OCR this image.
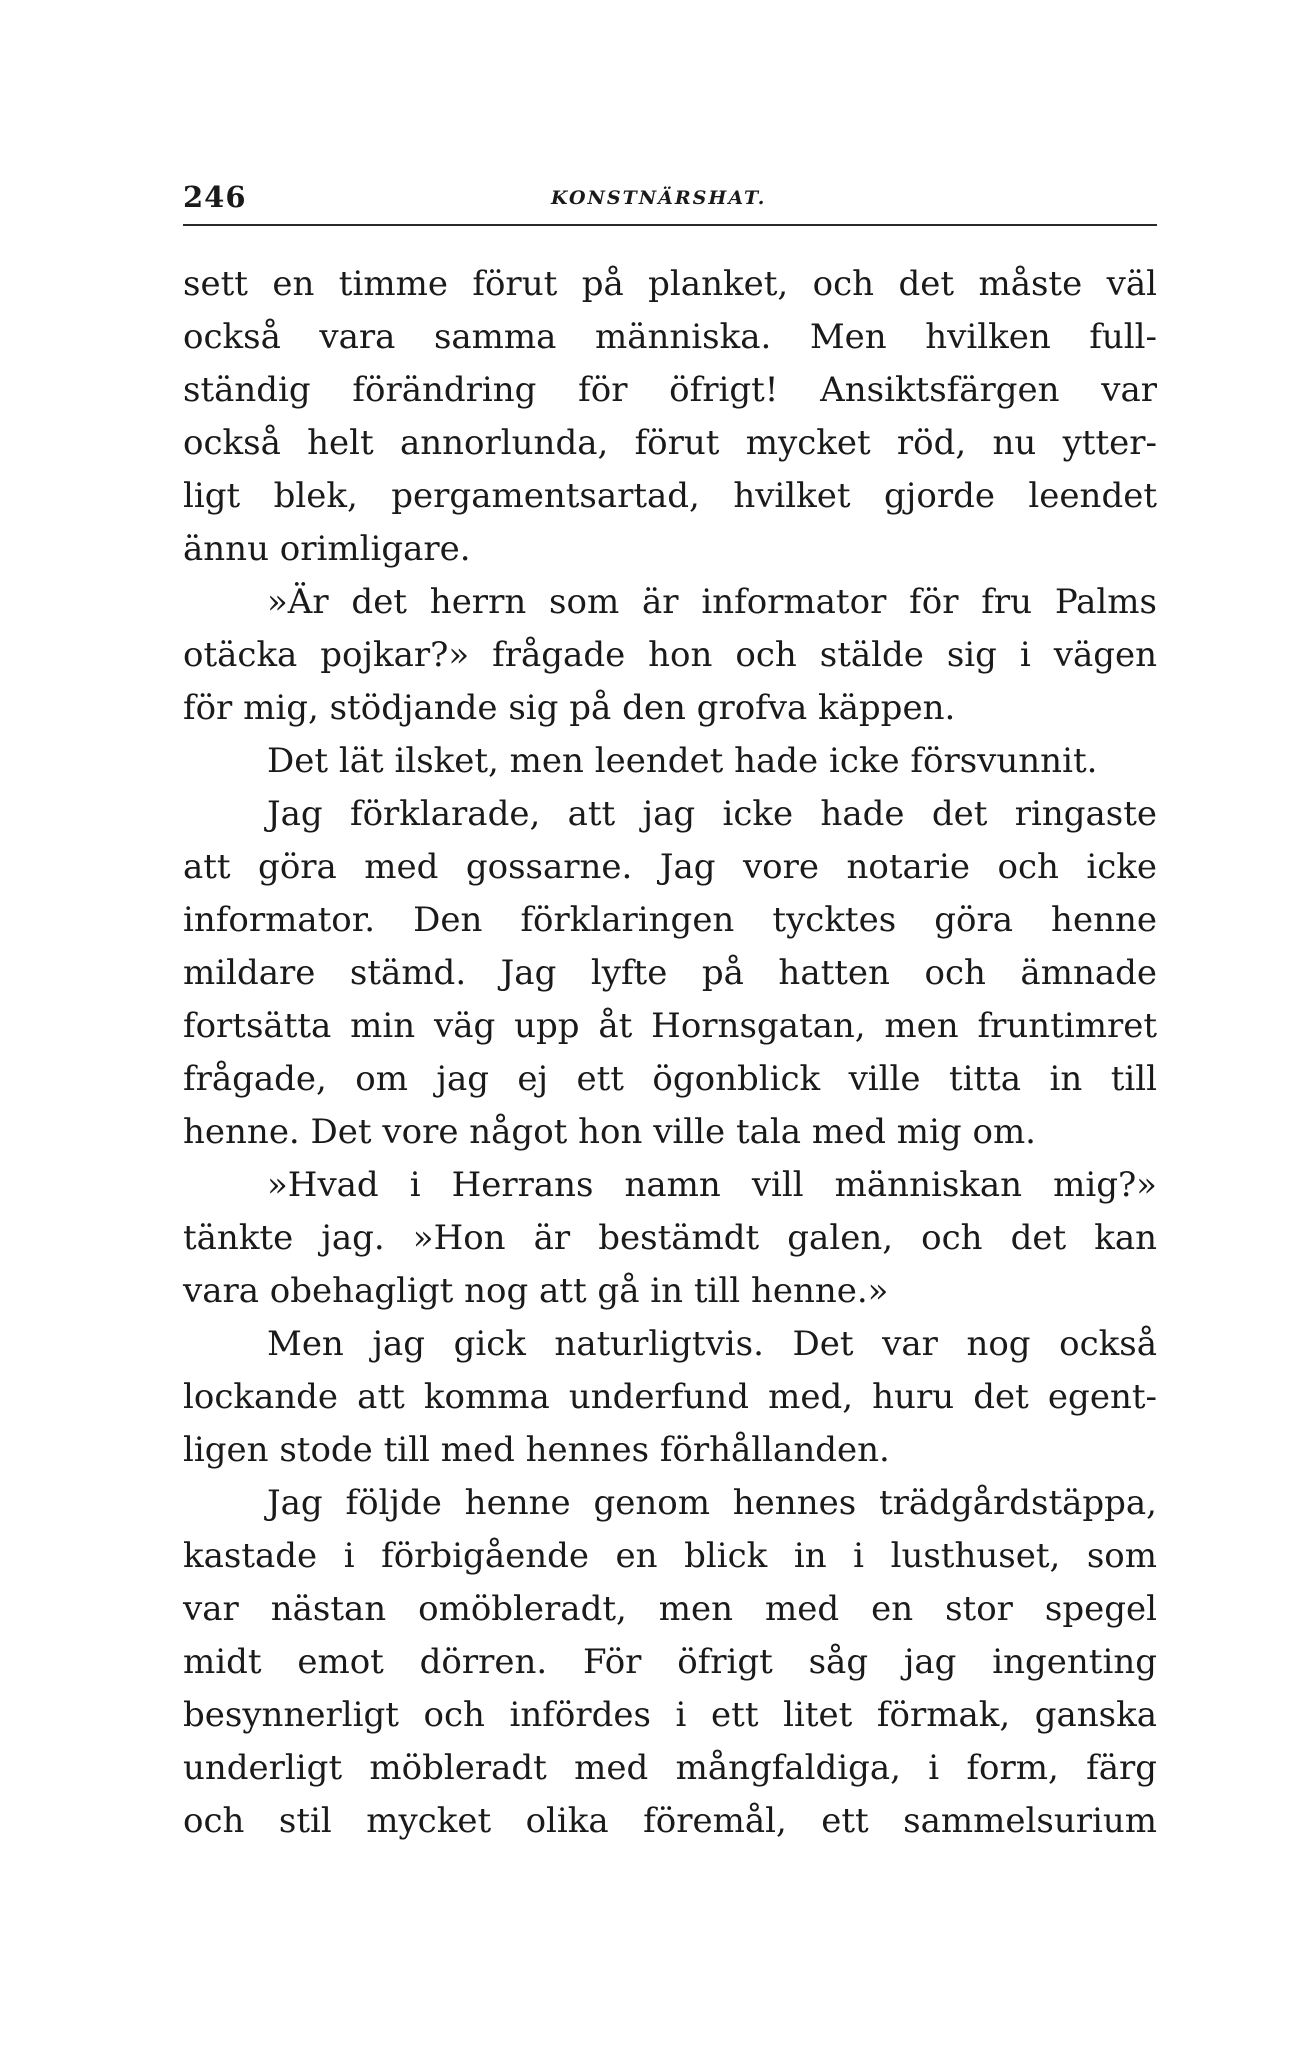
246	KONSTNÄRSHAT.
sett en timme förut på planket, och det måste väl
också vara samma människa. Men hvilken full-
ständig förändring för öfrigt! Ansiktsfärgen var
också helt annorlunda, förut mycket röd, nu ytter-
ligt blek, pergamentsartad, hvilket gjorde leendet
ännu orimligare.
»Är det herrn som är informator för fru Palms
otäcka pojkar?» frågade hon och stälde sig i vägen
för mig, stödjande sig på den grofva käppen.
Det lät ilsket, men leendet hade icke försvunnit.
Jag förklarade, att jag icke hade det ringaste
att göra med gossarne. Jag vore notarie och icke
informator. Den förklaringen tycktes göra henne
mildare stämd. Jag lyfte på hatten och ämnade
fortsätta min väg upp åt Hornsgatan, men fruntimret
frågade, om jag ej ett ögonblick ville titta in till
henne. Det vore något hon ville tala med mig om.
»Hvad i Herrans namn vill människan mig?»
tänkte jag. »Hon är bestämdt galen, och det kan
vara obehagligt nog att gå in till henne.»
Men jag gick naturligtvis. Det var nog också
lockande att komma underfund med, huru det egent-
ligen stode till med hennes förhållanden.
Jag följde henne genom hennes trädgårdstäppa,
kastade i förbigående en blick in i lusthuset, som
var nästan omöbleradt, men med en stor spegel
midt emot dörren. För öfrigt såg jag ingenting
besynnerligt och infördes i ett litet förmak, ganska
underligt möbleradt med mångfaldiga, i form, färg
och stil mycket olika föremål, ett sammelsurium
